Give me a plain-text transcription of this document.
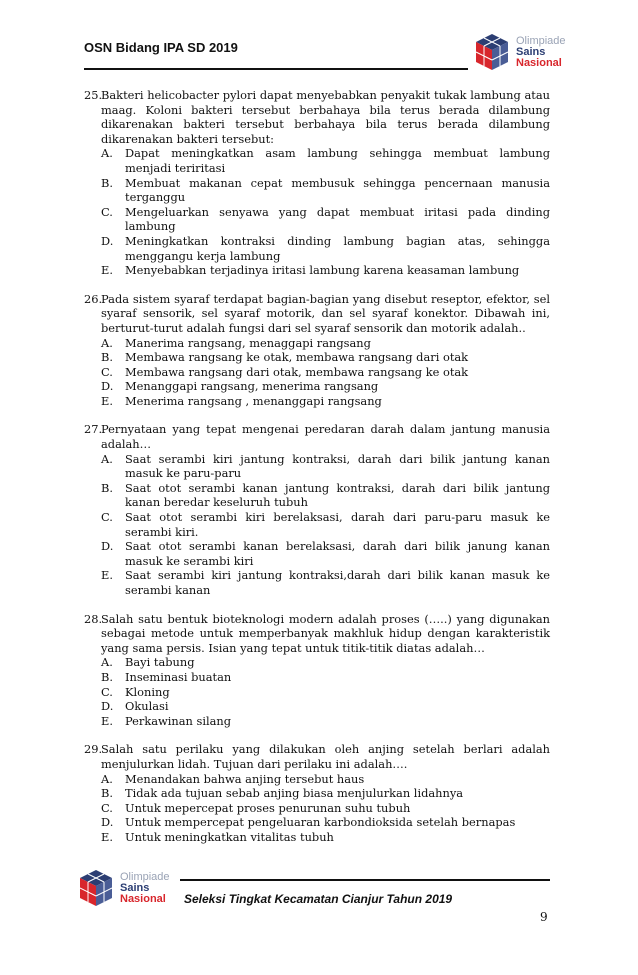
OSN Bidang IPA SD 2019	Olimpiade
Sains
Nasional
25.
Bakteri helicobacter pylori dapat menyebabkan penyakit tukak lambung atau maag. Koloni bakteri tersebut berbahaya bila terus berada dilambung dikarenakan bakteri tersebut berbahaya bila terus berada dilambung dikarenakan bakteri tersebut:
A.	Dapat meningkatkan asam lambung sehingga membuat lambung menjadi teriritasi
B.	Membuat makanan cepat membusuk sehingga pencernaan manusia terganggu
C.	Mengeluarkan senyawa yang dapat membuat iritasi pada dinding lambung
D.	Meningkatkan kontraksi dinding lambung bagian atas, sehingga menggangu kerja lambung
E.	Menyebabkan terjadinya iritasi lambung karena keasaman lambung
26.
Pada sistem syaraf terdapat bagian-bagian yang disebut reseptor, efektor, sel syaraf sensorik, sel syaraf motorik, dan sel syaraf konektor. Dibawah ini, berturut-turut adalah fungsi dari sel syaraf sensorik dan motorik adalah..
A.	Manerima rangsang, menaggapi rangsang
B.	Membawa rangsang ke otak, membawa rangsang dari otak
C.	Membawa rangsang dari otak, membawa rangsang ke otak
D.	Menanggapi rangsang, menerima rangsang
E.	Menerima rangsang , menanggapi rangsang
27.
Pernyataan yang tepat mengenai peredaran darah dalam jantung manusia adalah…
A.	Saat serambi kiri jantung kontraksi, darah dari bilik jantung kanan masuk ke paru-paru
B.	Saat otot serambi kanan jantung kontraksi, darah dari bilik jantung kanan beredar keseluruh tubuh
C.	Saat otot serambi kiri berelaksasi, darah dari paru-paru masuk ke serambi kiri.
D.	Saat otot serambi kanan berelaksasi, darah dari bilik janung kanan masuk ke serambi kiri
E.	Saat serambi kiri jantung kontraksi,darah dari bilik kanan masuk ke serambi kanan
28.
Salah satu bentuk bioteknologi modern adalah proses (…..) yang digunakan sebagai metode untuk memperbanyak makhluk hidup dengan karakteristik yang sama persis. Isian yang tepat untuk titik-titik diatas adalah…
A.	Bayi tabung
B.	Inseminasi buatan
C.	Kloning
D.	Okulasi
E.	Perkawinan silang
29.
Salah satu perilaku yang dilakukan oleh anjing setelah berlari adalah menjulurkan lidah. Tujuan dari perilaku ini adalah….
A.	Menandakan bahwa anjing tersebut haus
B.	Tidak ada tujuan sebab anjing biasa menjulurkan lidahnya
C.	Untuk mepercepat proses penurunan suhu tubuh
D.	Untuk mempercepat pengeluaran karbondioksida setelah bernapas
E.	Untuk meningkatkan vitalitas tubuh
Olimpiade
Sains
Nasional	Seleksi Tingkat Kecamatan Cianjur Tahun 2019
9
